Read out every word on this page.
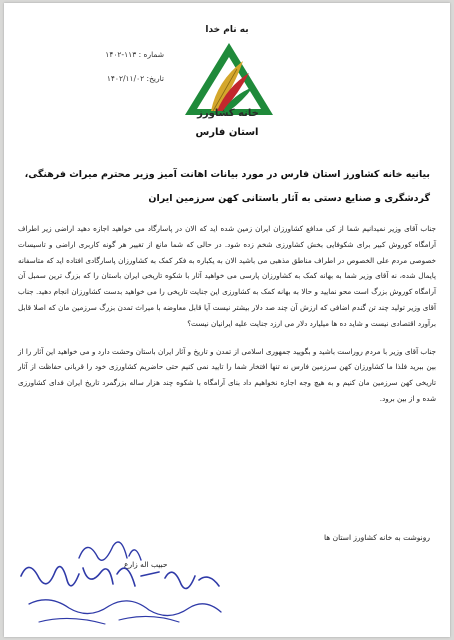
به نام خدا
شماره : ۱۱۳-۱۴۰۲
تاریخ: ۱۴۰۲/۱۱/۰۲
خانه کشاورز
استان فارس
بیانیه خانه کشاورز استان فارس در مورد بیانات اهانت آمیز وزیر محترم میراث فرهنگی،
گردشگری و صنایع دستی به آثار باستانی کهن سرزمین ایران

جناب آقای وزیر نمیدانیم شما از کی مدافع کشاورزان ایران زمین شده اید که الان در پاسارگاد می خواهید اجازه دهید اراضی زیر اطراف آرامگاه کوروش کبیر برای شکوفایی بخش کشاورزی شخم زده شود. در حالی که شما مانع از تغییر هر گونه کاربری اراضی و تاسیسات خصوصی مردم علی الخصوص در اطراف مناطق مذهبی می باشید الان به یکباره به فکر کمک به کشاورزان پاسارگادی افتاده اید که متاسفانه پایمال شده، نه آقای وزیر شما به بهانه کمک به کشاورزان پارسی می خواهید آثار با شکوه تاریخی ایران باستان را که بزرگ ترین سمبل آن آرامگاه کوروش بزرگ است محو نمایید و حالا به بهانه کمک به کشاورزی این جنایت تاریخی را می خواهید بدست کشاورزان انجام دهید. جناب آقای وزیر تولید چند تن گندم اضافی که ارزش آن چند صد دلار بیشتر نیست آیا قابل معاوضه با میراث تمدن بزرگ سرزمین مان که اصلا قابل برآورد اقتصادی نیست و شاید ده ها میلیارد دلار می ارزد جنایت علیه ایرانیان نیست؟

جناب آقای وزیر با مردم روراست باشید و بگویید جمهوری اسلامی از تمدن و تاریخ و آثار ایران باستان وحشت دارد و می خواهید این آثار را از بین ببرید فلذا ما کشاورزان کهن سرزمین فارس نه تنها افتخار شما را تایید نمی کنیم حتی حاضریم کشاورزی خود را قربانی حفاظت از آثار تاریخی کهن سرزمین مان کنیم و به هیچ وجه اجازه نخواهیم داد بنای آرامگاه با شکوه چند هزار ساله بزرگمرد تاریخ ایران فدای کشاورزی شده و از بین برود.

رونوشت به خانه کشاورز استان ها
حبیب اله زارع
